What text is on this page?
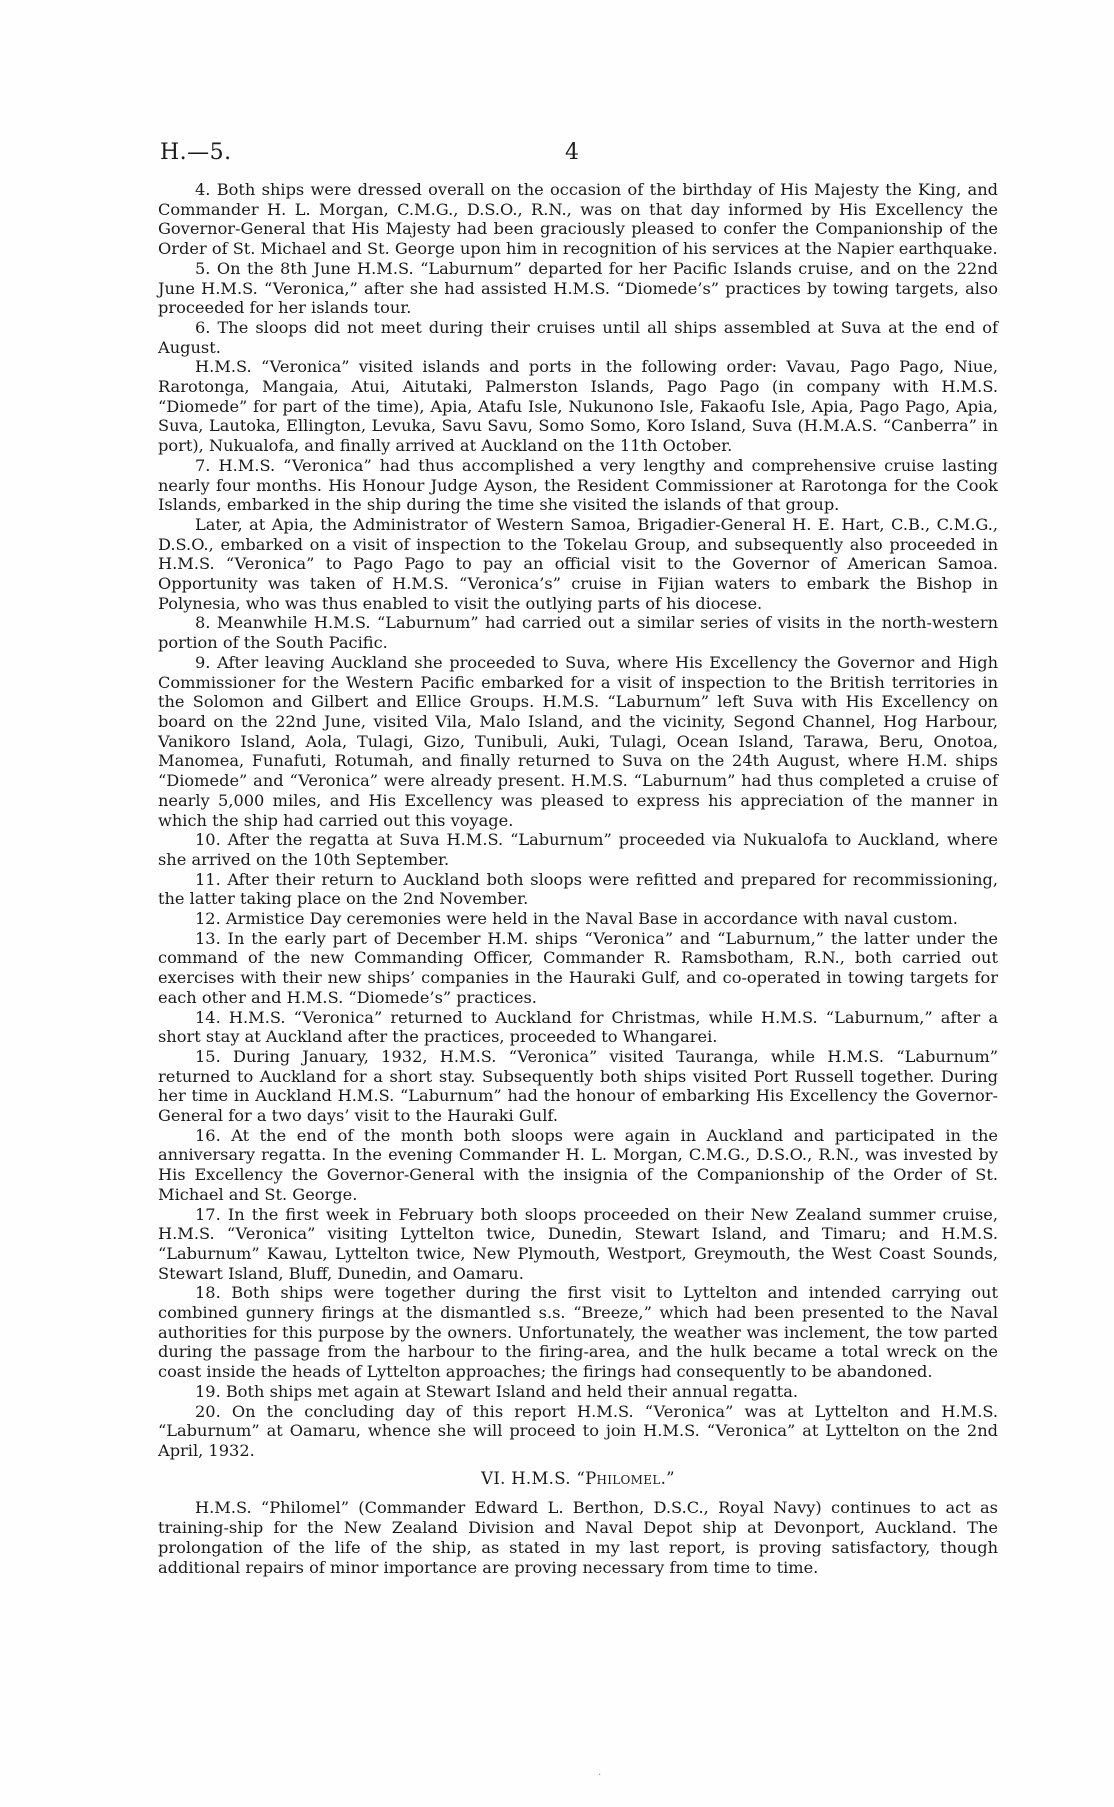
H.—5.	4

4. Both ships were dressed overall on the occasion of the birthday of His Majesty the King, and Commander H. L. Morgan, C.M.G., D.S.O., R.N., was on that day informed by His Excellency the Governor-General that His Majesty had been graciously pleased to confer the Companionship of the Order of St. Michael and St. George upon him in recognition of his services at the Napier earthquake.

5. On the 8th June H.M.S. “Laburnum” departed for her Pacific Islands cruise, and on the 22nd June H.M.S. “Veronica,” after she had assisted H.M.S. “Diomede’s” practices by towing targets, also proceeded for her islands tour.

6. The sloops did not meet during their cruises until all ships assembled at Suva at the end of August.

H.M.S. “Veronica” visited islands and ports in the following order: Vavau, Pago Pago, Niue, Rarotonga, Mangaia, Atui, Aitutaki, Palmerston Islands, Pago Pago (in company with H.M.S. “Diomede” for part of the time), Apia, Atafu Isle, Nukunono Isle, Fakaofu Isle, Apia, Pago Pago, Apia, Suva, Lautoka, Ellington, Levuka, Savu Savu, Somo Somo, Koro Island, Suva (H.M.A.S. “Canberra” in port), Nukualofa, and finally arrived at Auckland on the 11th October.

7. H.M.S. “Veronica” had thus accomplished a very lengthy and comprehensive cruise lasting nearly four months. His Honour Judge Ayson, the Resident Commissioner at Rarotonga for the Cook Islands, embarked in the ship during the time she visited the islands of that group.

Later, at Apia, the Administrator of Western Samoa, Brigadier-General H. E. Hart, C.B., C.M.G., D.S.O., embarked on a visit of inspection to the Tokelau Group, and subsequently also proceeded in H.M.S. “Veronica” to Pago Pago to pay an official visit to the Governor of American Samoa. Opportunity was taken of H.M.S. “Veronica’s” cruise in Fijian waters to embark the Bishop in Polynesia, who was thus enabled to visit the outlying parts of his diocese.

8. Meanwhile H.M.S. “Laburnum” had carried out a similar series of visits in the north-western portion of the South Pacific.

9. After leaving Auckland she proceeded to Suva, where His Excellency the Governor and High Commissioner for the Western Pacific embarked for a visit of inspection to the British territories in the Solomon and Gilbert and Ellice Groups. H.M.S. “Laburnum” left Suva with His Excellency on board on the 22nd June, visited Vila, Malo Island, and the vicinity, Segond Channel, Hog Harbour, Vanikoro Island, Aola, Tulagi, Gizo, Tunibuli, Auki, Tulagi, Ocean Island, Tarawa, Beru, Onotoa, Manomea, Funafuti, Rotumah, and finally returned to Suva on the 24th August, where H.M. ships “Diomede” and “Veronica” were already present. H.M.S. “Laburnum” had thus completed a cruise of nearly 5,000 miles, and His Excellency was pleased to express his appreciation of the manner in which the ship had carried out this voyage.

10. After the regatta at Suva H.M.S. “Laburnum” proceeded via Nukualofa to Auckland, where she arrived on the 10th September.

11. After their return to Auckland both sloops were refitted and prepared for recommissioning, the latter taking place on the 2nd November.

12. Armistice Day ceremonies were held in the Naval Base in accordance with naval custom.

13. In the early part of December H.M. ships “Veronica” and “Laburnum,” the latter under the command of the new Commanding Officer, Commander R. Ramsbotham, R.N., both carried out exercises with their new ships’ companies in the Hauraki Gulf, and co-operated in towing targets for each other and H.M.S. “Diomede’s” practices.

14. H.M.S. “Veronica” returned to Auckland for Christmas, while H.M.S. “Laburnum,” after a short stay at Auckland after the practices, proceeded to Whangarei.

15. During January, 1932, H.M.S. “Veronica” visited Tauranga, while H.M.S. “Laburnum” returned to Auckland for a short stay. Subsequently both ships visited Port Russell together. During her time in Auckland H.M.S. “Laburnum” had the honour of embarking His Excellency the Governor-General for a two days’ visit to the Hauraki Gulf.

16. At the end of the month both sloops were again in Auckland and participated in the anniversary regatta. In the evening Commander H. L. Morgan, C.M.G., D.S.O., R.N., was invested by His Excellency the Governor-General with the insignia of the Companionship of the Order of St. Michael and St. George.

17. In the first week in February both sloops proceeded on their New Zealand summer cruise, H.M.S. “Veronica” visiting Lyttelton twice, Dunedin, Stewart Island, and Timaru; and H.M.S. “Laburnum” Kawau, Lyttelton twice, New Plymouth, Westport, Greymouth, the West Coast Sounds, Stewart Island, Bluff, Dunedin, and Oamaru.

18. Both ships were together during the first visit to Lyttelton and intended carrying out combined gunnery firings at the dismantled s.s. “Breeze,” which had been presented to the Naval authorities for this purpose by the owners. Unfortunately, the weather was inclement, the tow parted during the passage from the harbour to the firing-area, and the hulk became a total wreck on the coast inside the heads of Lyttelton approaches; the firings had consequently to be abandoned.

19. Both ships met again at Stewart Island and held their annual regatta.

20. On the concluding day of this report H.M.S. “Veronica” was at Lyttelton and H.M.S. “Laburnum” at Oamaru, whence she will proceed to join H.M.S. “Veronica” at Lyttelton on the 2nd April, 1932.

VI. H.M.S. “Philomel.”

H.M.S. “Philomel” (Commander Edward L. Berthon, D.S.C., Royal Navy) continues to act as training-ship for the New Zealand Division and Naval Depot ship at Devonport, Auckland. The prolongation of the life of the ship, as stated in my last report, is proving satisfactory, though additional repairs of minor importance are proving necessary from time to time.

·
